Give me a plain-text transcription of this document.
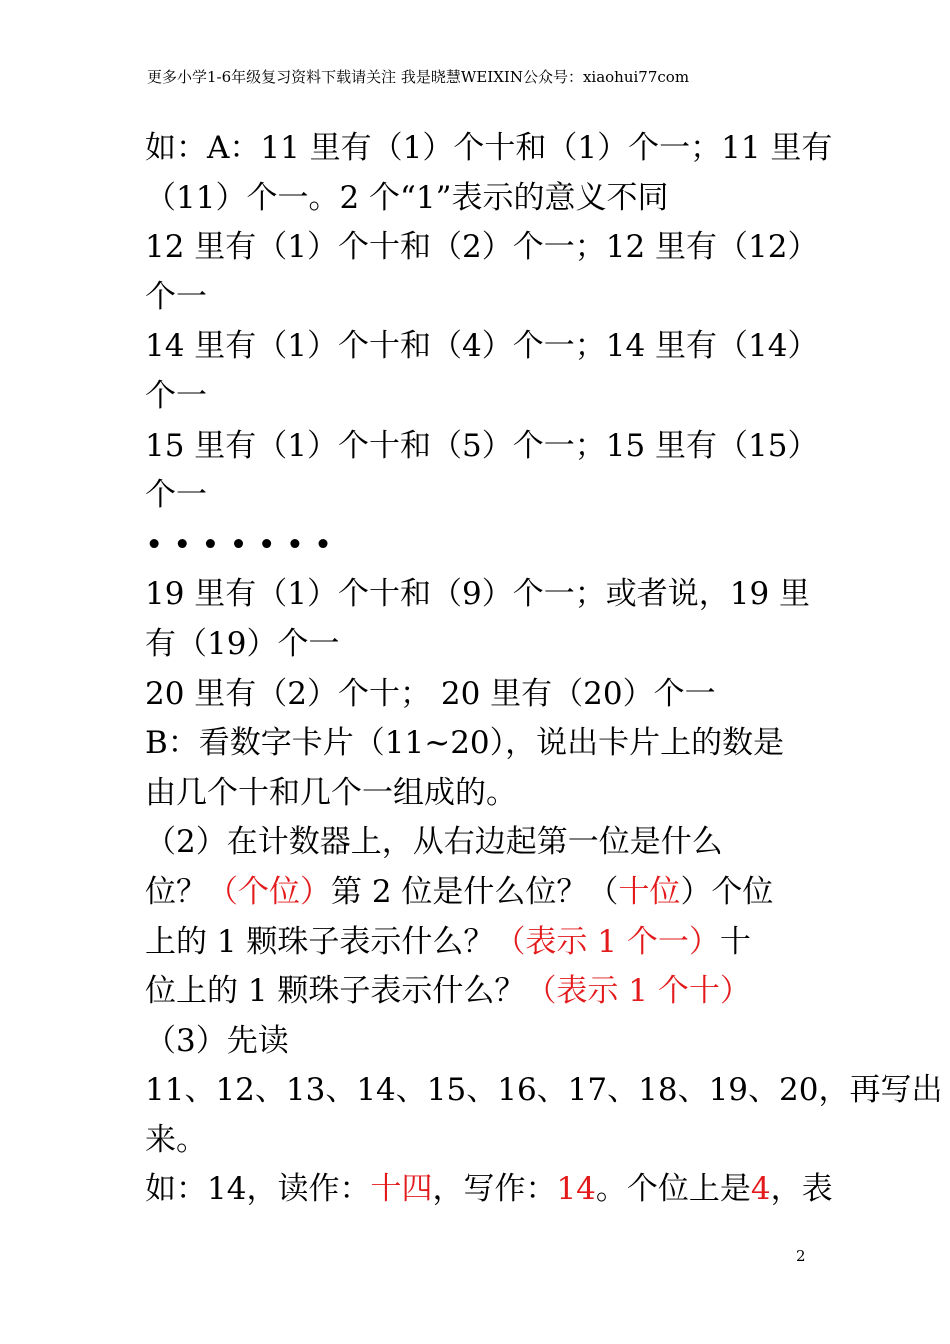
更多小学1-6年级复习资料下载请关注 我是晓慧WEIXIN公众号：xiaohui77com
如：A：11 里有（1）个十和（1）个一；11 里有
（11）个一。2 个“1”表示的意义不同
12 里有（1）个十和（2）个一；12 里有（12）
个一
14 里有（1）个十和（4）个一；14 里有（14）
个一
15 里有（1）个十和（5）个一；15 里有（15）
个一
• • • • • • •
19 里有（1）个十和（9）个一；或者说，19 里
有（19）个一
20 里有（2）个十； 20 里有（20）个一
B：看数字卡片（11~20），说出卡片上的数是
由几个十和几个一组成的。
（2）在计数器上，从右边起第一位是什么
位？（个位）第 2 位是什么位？（十位）个位
上的 1 颗珠子表示什么？（表示 1 个一）十
位上的 1 颗珠子表示什么？（表示 1 个十）
（3）先读
11、12、13、14、15、16、17、18、19、20，再写出
来。
如：14，读作：十四，写作：14。个位上是4，表
2
